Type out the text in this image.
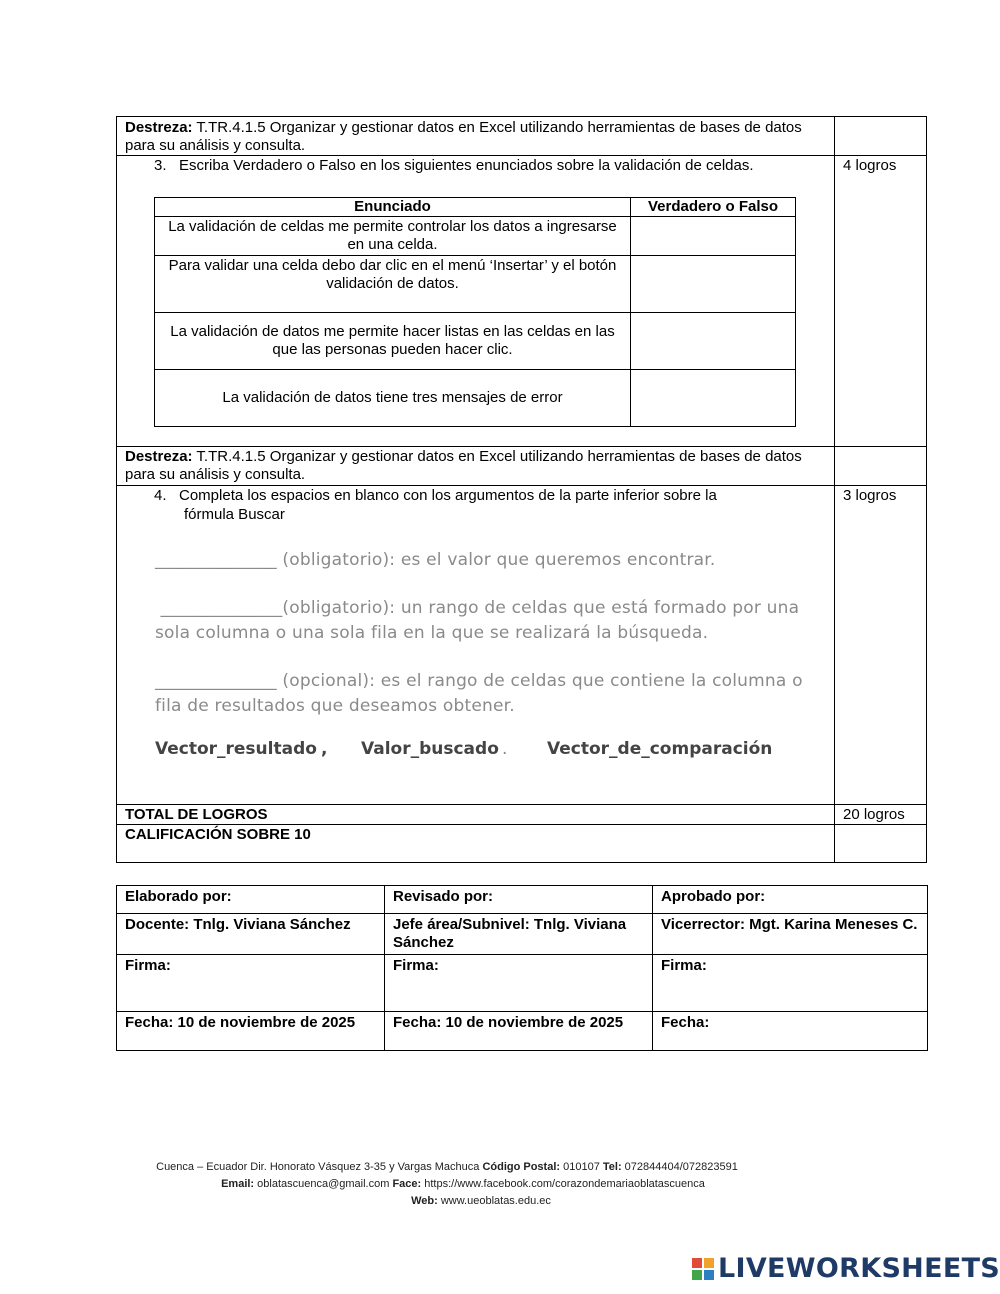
Destreza: T.TR.4.1.5 Organizar y gestionar datos en Excel utilizando herramientas de bases de datos para su análisis y consulta.
3.   Escriba Verdadero o Falso en los siguientes enunciados sobre la validación de celdas.	4 logros
Enunciado	Verdadero o Falso
La validación de celdas me permite controlar los datos a ingresarse en una celda.	
Para validar una celda debo dar clic en el menú ‘Insertar’ y el botón validación de datos.	
La validación de datos me permite hacer listas en las celdas en las que las personas pueden hacer clic.	
La validación de datos tiene tres mensajes de error	
Destreza: T.TR.4.1.5 Organizar y gestionar datos en Excel utilizando herramientas de bases de datos para su análisis y consulta.
4.   Completa los espacios en blanco con los argumentos de la parte inferior sobre la
fórmula Buscar
3 logros
______________ (obligatorio): es el valor que queremos encontrar.
______________(obligatorio): un rango de celdas que está formado por una
sola columna o una sola fila en la que se realizará la búsqueda.
______________ (opcional): es el rango de celdas que contiene la columna o
fila de resultados que deseamos obtener.
Vector_resultado , Valor_buscado . Vector_de_comparación
TOTAL DE LOGROS	20 logros
CALIFICACIÓN SOBRE 10
Elaborado por:	Revisado por:	Aprobado por:
Docente: Tnlg. Viviana Sánchez	Jefe área/Subnivel: Tnlg. Viviana Sánchez	Vicerrector: Mgt. Karina Meneses C.
Firma:	Firma:	Firma:
Fecha: 10 de noviembre de 2025	Fecha: 10 de noviembre de 2025	Fecha:
Cuenca – Ecuador Dir. Honorato Vásquez 3-35 y Vargas Machuca Código Postal: 010107 Tel: 072844404/072823591
Email: oblatascuenca@gmail.com Face: https://www.facebook.com/corazondemariaoblatascuenca
Web: www.ueoblatas.edu.ec
LIVEWORKSHEETS
